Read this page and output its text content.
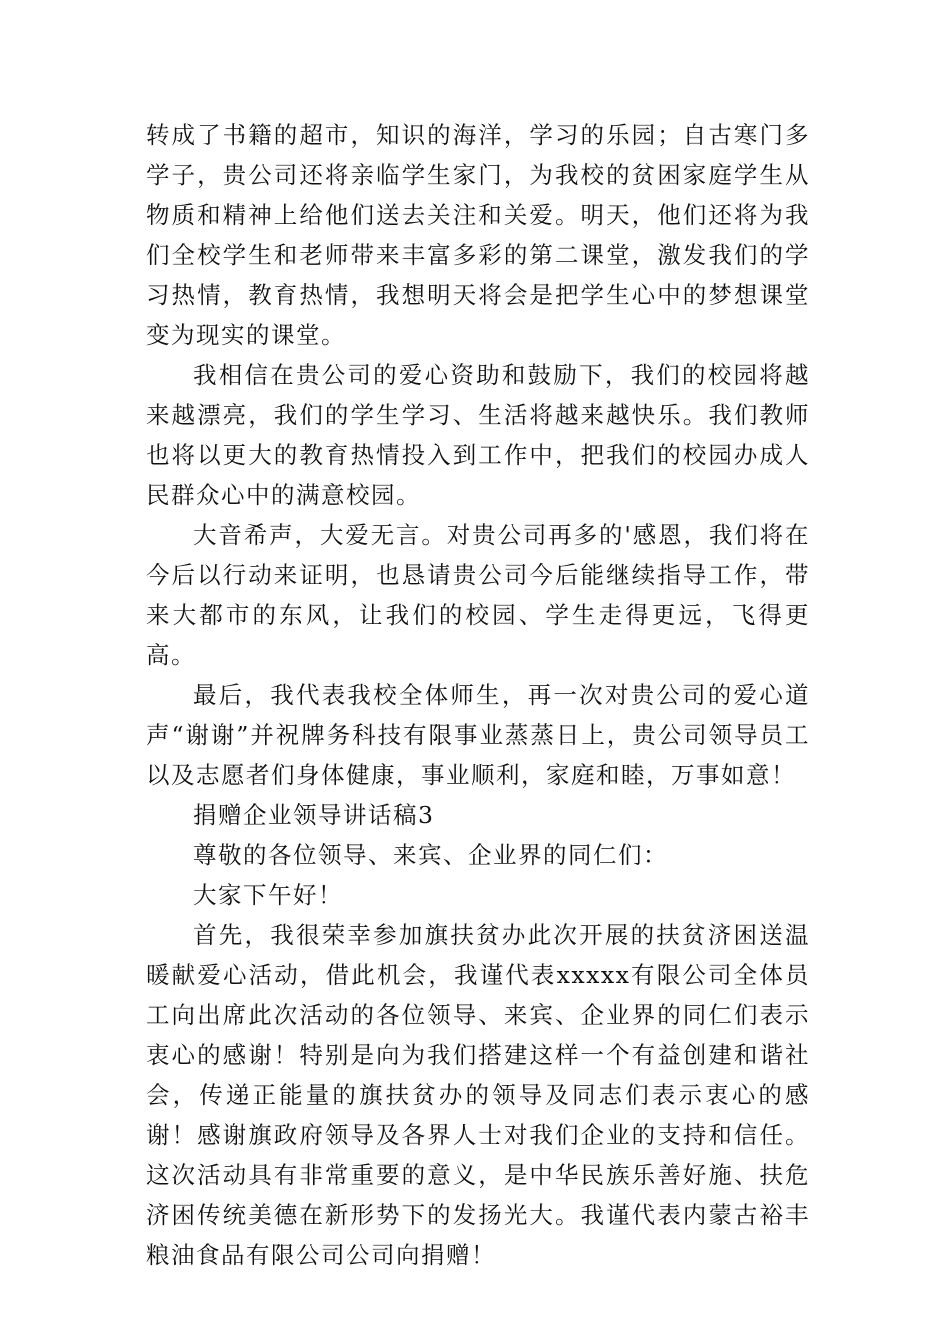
转成了书籍的超市，知识的海洋，学习的乐园；自古寒门多学子，贵公司还将亲临学生家门，为我校的贫困家庭学生从物质和精神上给他们送去关注和关爱。明天，他们还将为我们全校学生和老师带来丰富多彩的第二课堂，激发我们的学习热情，教育热情，我想明天将会是把学生心中的梦想课堂变为现实的课堂。

我相信在贵公司的爱心资助和鼓励下，我们的校园将越来越漂亮，我们的学生学习、生活将越来越快乐。我们教师也将以更大的教育热情投入到工作中，把我们的校园办成人民群众心中的满意校园。

大音希声，大爱无言。对贵公司再多的'感恩，我们将在今后以行动来证明，也恳请贵公司今后能继续指导工作，带来大都市的东风，让我们的校园、学生走得更远，飞得更高。

最后，我代表我校全体师生，再一次对贵公司的爱心道声“谢谢”并祝牌务科技有限事业蒸蒸日上，贵公司领导员工以及志愿者们身体健康，事业顺利，家庭和睦，万事如意！

捐赠企业领导讲话稿3

尊敬的各位领导、来宾、企业界的同仁们：

大家下午好！

首先，我很荣幸参加旗扶贫办此次开展的扶贫济困送温暖献爱心活动，借此机会，我谨代表xxxxx有限公司全体员工向出席此次活动的各位领导、来宾、企业界的同仁们表示衷心的感谢！特别是向为我们搭建这样一个有益创建和谐社会，传递正能量的旗扶贫办的领导及同志们表示衷心的感谢！感谢旗政府领导及各界人士对我们企业的支持和信任。这次活动具有非常重要的意义，是中华民族乐善好施、扶危济困传统美德在新形势下的发扬光大。我谨代表内蒙古裕丰粮油食品有限公司公司向捐赠！
